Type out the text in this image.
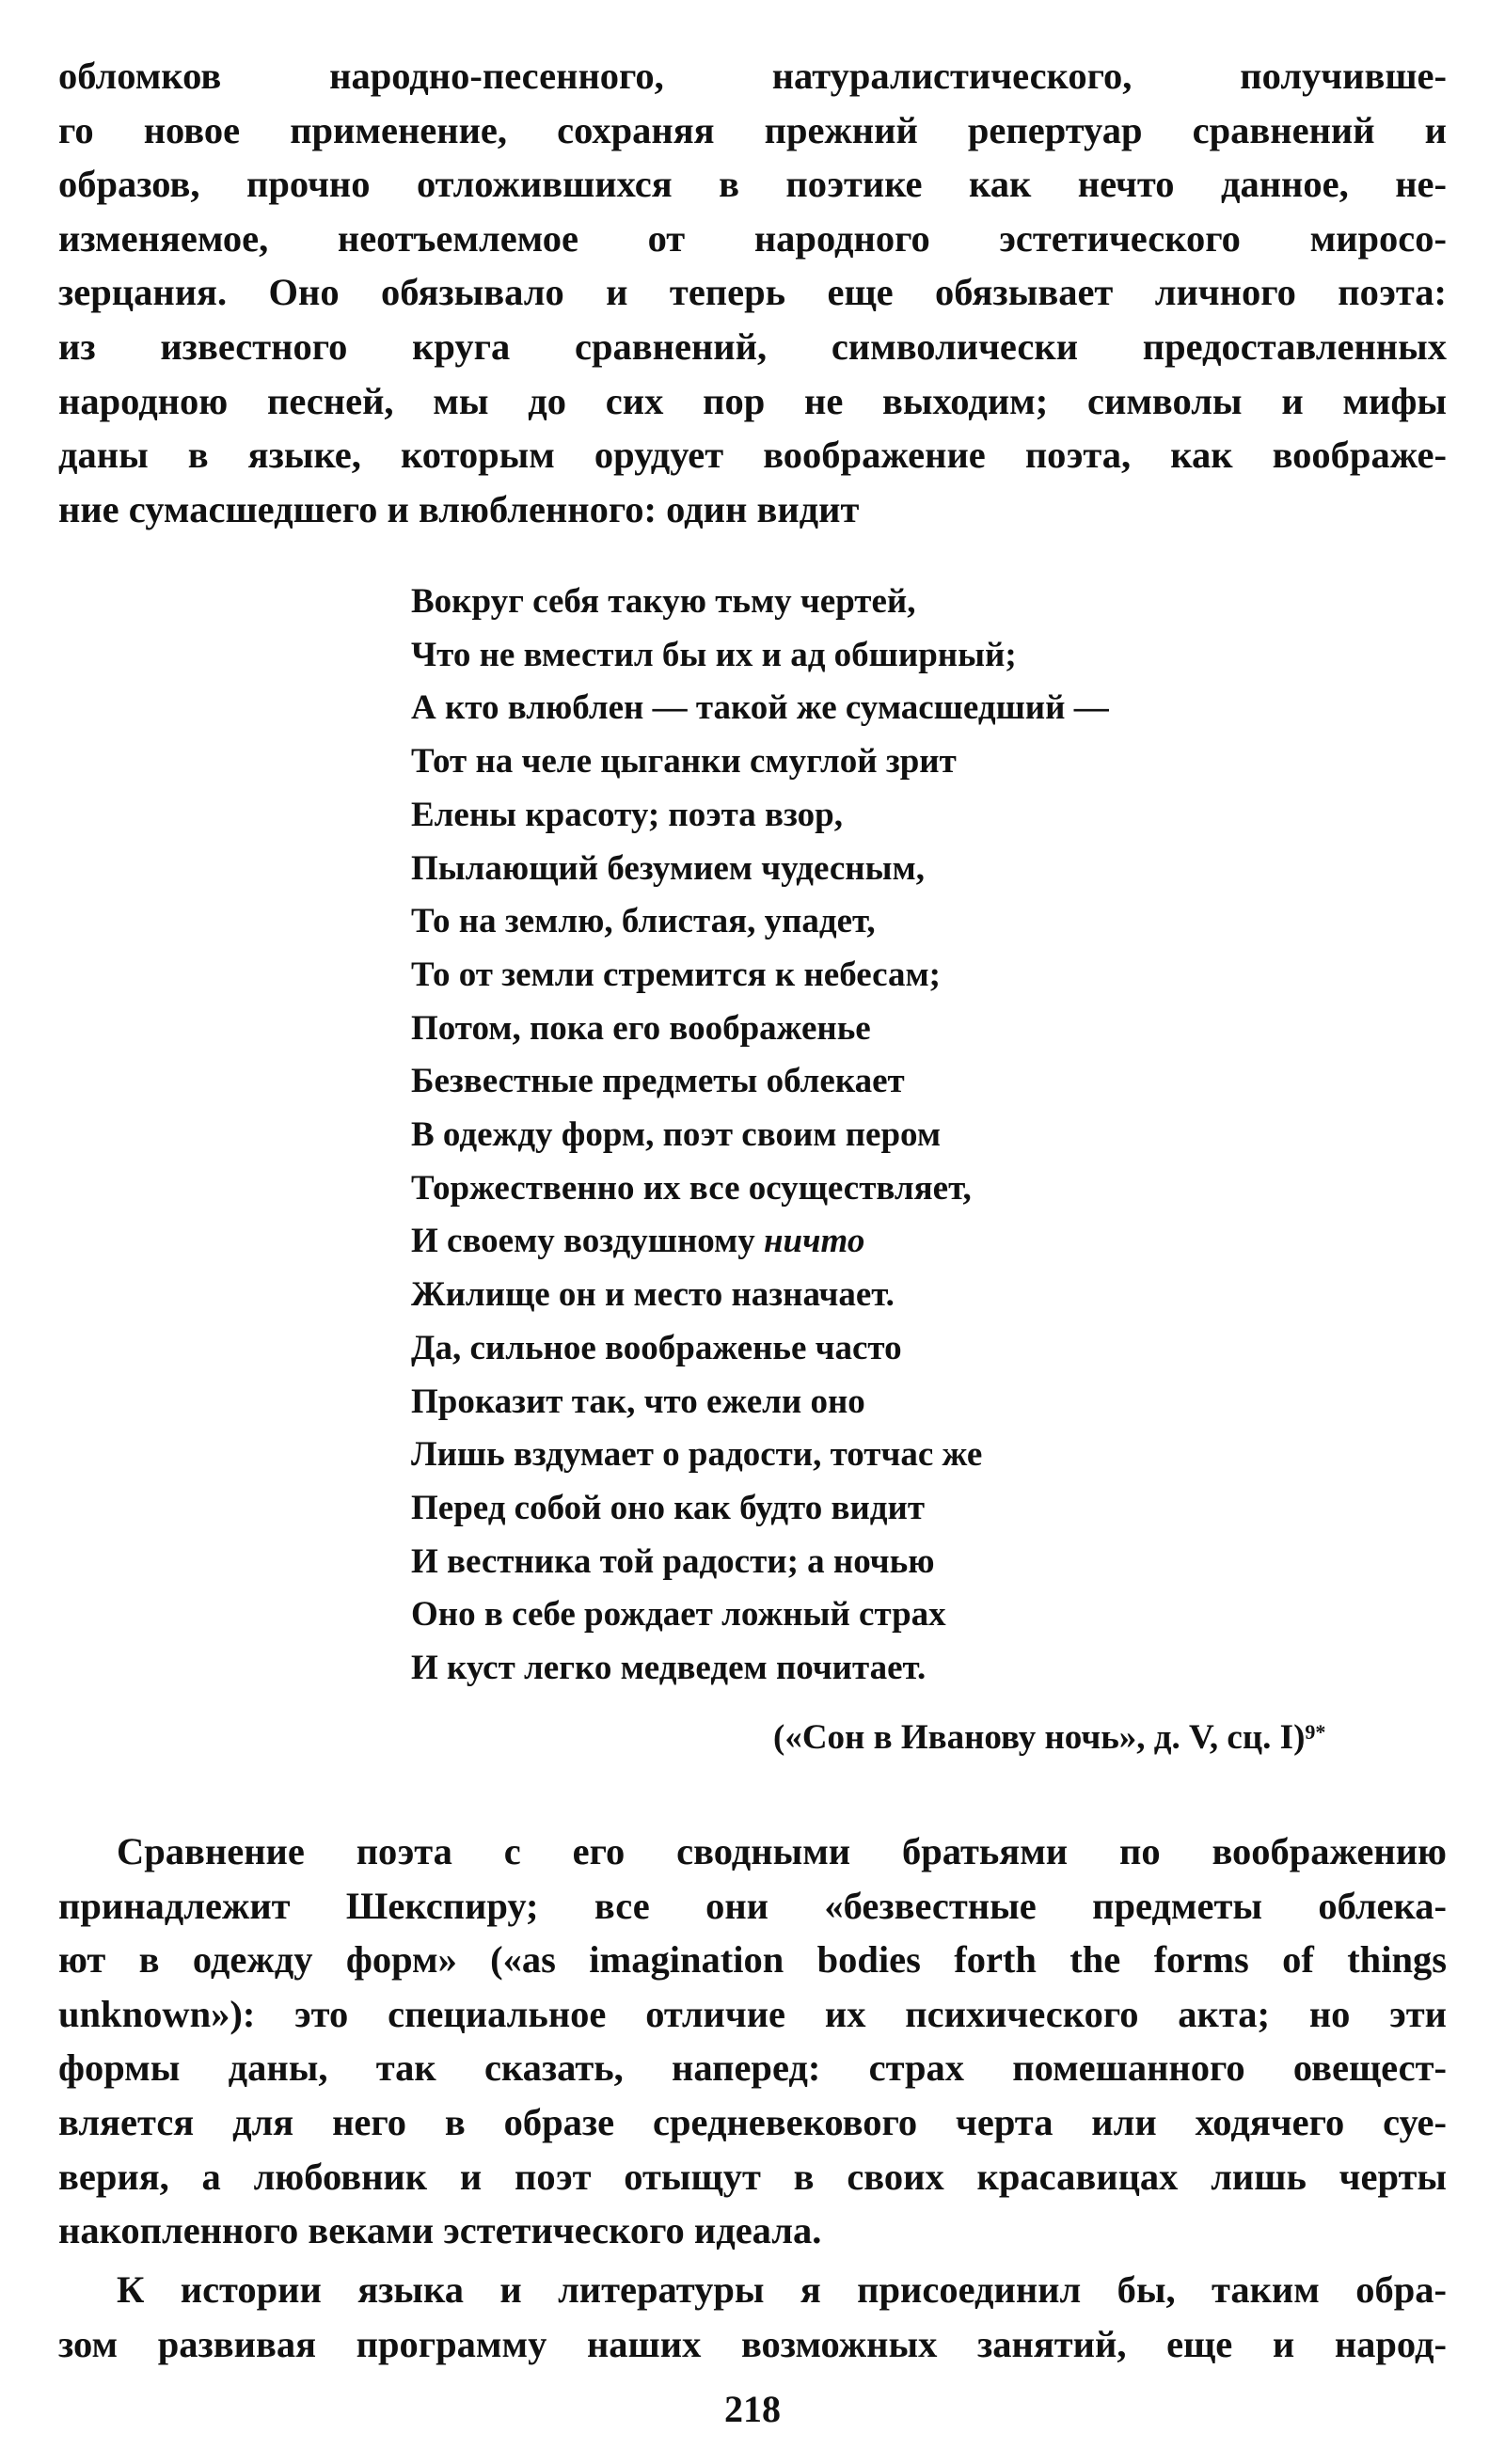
обломков народно-песенного, натуралистического, получивше-
го новое применение, сохраняя прежний репертуар сравнений и
образов, прочно отложившихся в поэтике как нечто данное, не-
изменяемое, неотъемлемое от народного эстетического миросо-
зерцания. Оно обязывало и теперь еще обязывает личного поэта:
из известного круга сравнений, символически предоставленных
народною песней, мы до сих пор не выходим; символы и мифы
даны в языке, которым орудует воображение поэта, как воображе-
ние сумасшедшего и влюбленного: один видит

Вокруг себя такую тьму чертей,
Что не вместил бы их и ад обширный;
А кто влюблен — такой же сумасшедший —
Тот на челе цыганки смуглой зрит
Елены красоту; поэта взор,
Пылающий безумием чудесным,
То на землю, блистая, упадет,
То от земли стремится к небесам;
Потом, пока его воображенье
Безвестные предметы облекает
В одежду форм, поэт своим пером
Торжественно их все осуществляет,
И своему воздушному ничто
Жилище он и место назначает.
Да, сильное воображенье часто
Проказит так, что ежели оно
Лишь вздумает о радости, тотчас же
Перед собой оно как будто видит
И вестника той радости; а ночью
Оно в себе рождает ложный страх
И куст легко медведем почитает.
(«Сон в Иванову ночь», д. V, сц. I)$^{9*}$

Сравнение поэта с его сводными братьями по воображению
принадлежит Шекспиру; все они «безвестные предметы облека-
ют в одежду форм» («as imagination bodies forth the forms of things
unknown»): это специальное отличие их психического акта; но эти
формы даны, так сказать, наперед: страх помешанного овещест-
вляется для него в образе средневекового черта или ходячего суе-
верия, а любовник и поэт отыщут в своих красавицах лишь черты
накопленного веками эстетического идеала.

К истории языка и литературы я присоединил бы, таким обра-
зом развивая программу наших возможных занятий, еще и народ-

218
